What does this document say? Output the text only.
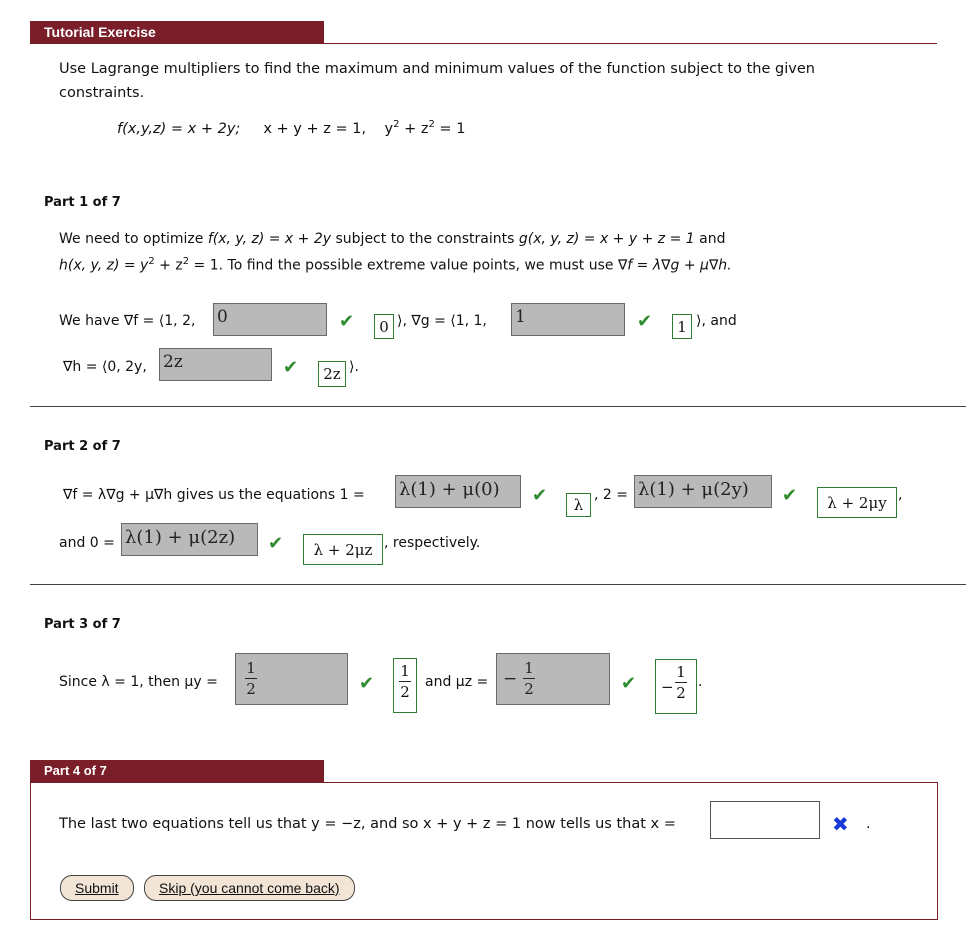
Tutorial Exercise
Use Lagrange multipliers to find the maximum and minimum values of the function subject to the given
constraints.
f(x,y,z) = x + 2y; x + y + z = 1, $y^2 + z^2 = 1$
Part 1 of 7
We need to optimize f(x, y, z) = x + 2y subject to the constraints g(x, y, z) = x + y + z = 1 and
h(x, y, $z) = y^2 + z^2 = 1$. To find the possible extreme value points, we must use ∇f = λ∇g + μ∇h.
We have ∇f = ⟨1, 2, 0	✔	0 ⟩, ∇g = ⟨1, 1, 1	✔	1 ⟩, and
∇h = ⟨0, 2y, 2z	✔	2z ⟩.
Part 2 of 7
∇f = λ∇g + μ∇h gives us the equations 1 = λ(1) + μ(0) ✔	λ
, 2 = λ(1) + μ(2y) ✔	λ + 2μy ,
and 0 = λ(1) + μ(2z) ✔	λ + 2μz , respectively.
Part 3 of 7
Since λ = 1, then μy =
1
2	✔ $\frac{1}{2}$ and μz = −
1
2	✔ −
1
2
.
Part 4 of 7
The last two equations tell us that y = −z, and so x + y + z = 1 now tells us that x =	✖ .
Submit	Skip (you cannot come back)
